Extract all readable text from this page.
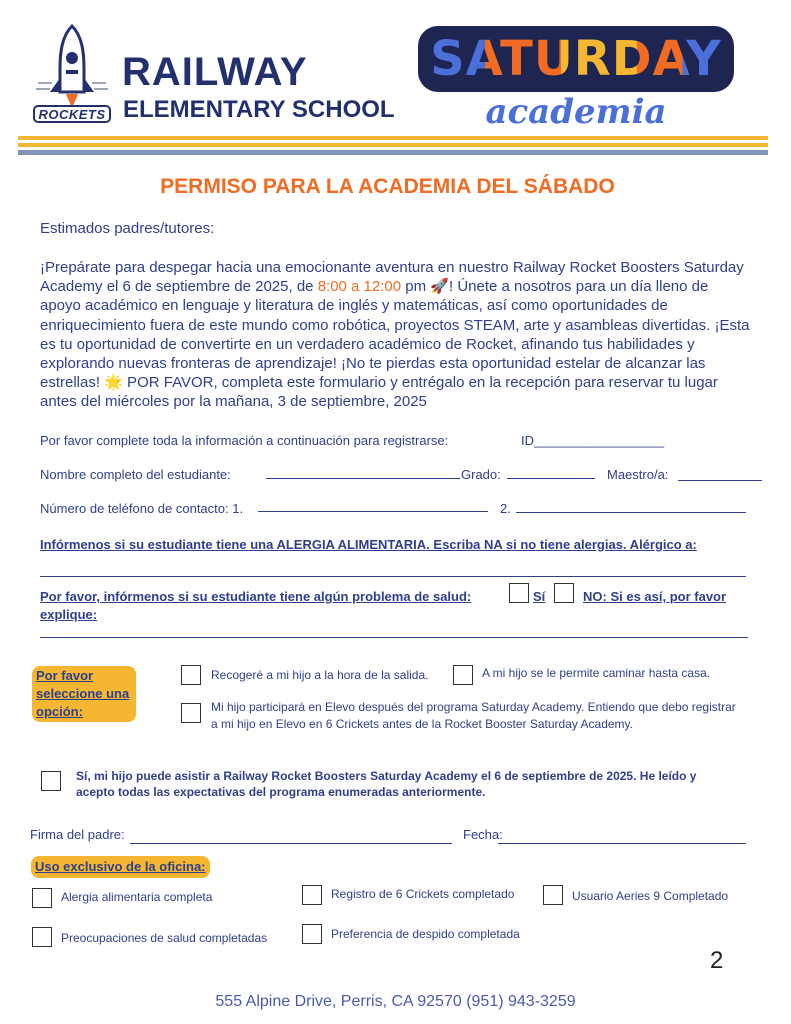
ROCKETS
RAILWAY
ELEMENTARY SCHOOL
SATURDAY
academia
PERMISO PARA LA ACADEMIA DEL SÁBADO
Estimados padres/tutores:
¡Prepárate para despegar hacia una emocionante aventura en nuestro Railway Rocket Boosters Saturday Academy el 6 de septiembre de 2025, de 8:00 a 12:00 pm 🚀! Únete a nosotros para un día lleno de apoyo académico en lenguaje y literatura de inglés y matemáticas, así como oportunidades de enriquecimiento fuera de este mundo como robótica, proyectos STEAM, arte y asambleas divertidas. ¡Esta es tu oportunidad de convertirte en un verdadero académico de Rocket, afinando tus habilidades y explorando nuevas fronteras de aprendizaje! ¡No te pierdas esta oportunidad estelar de alcanzar las estrellas! 🌟 POR FAVOR, completa este formulario y entrégalo en la recepción para reservar tu lugar antes del miércoles por la mañana, 3 de septiembre, 2025
Por favor complete toda la información a continuación para registrarse:	ID__________________
Nombre completo del estudiante:	Grado:	Maestro/a:
Número de teléfono de contacto: 1.	2.
Infórmenos si su estudiante tiene una ALERGIA ALIMENTARIA. Escriba NA si no tiene alergias. Alérgico a:
Por favor, infórmenos si su estudiante tiene algún problema de salud:	Sí	NO: Si es así, por favor
explique:
Por favor seleccione una opción:
Recogeré a mi hijo a la hora de la salida.	A mi hijo se le permite caminar hasta casa.
Mi hijo participará en Elevo después del programa Saturday Academy. Entiendo que debo registrar a mi hijo en Elevo en 6 Crickets antes de la Rocket Booster Saturday Academy.
Sí, mi hijo puede asistir a Railway Rocket Boosters Saturday Academy el 6 de septiembre de 2025. He leído y acepto todas las expectativas del programa enumeradas anteriormente.
Firma del padre:	Fecha:
Uso exclusivo de la oficina:
Alergia alimentaria completa	Registro de 6 Crickets completado	Usuario Aeries 9 Completado
Preocupaciones de salud completadas	Preferencia de despido completada
2
555 Alpine Drive, Perris, CA 92570 (951) 943-3259
